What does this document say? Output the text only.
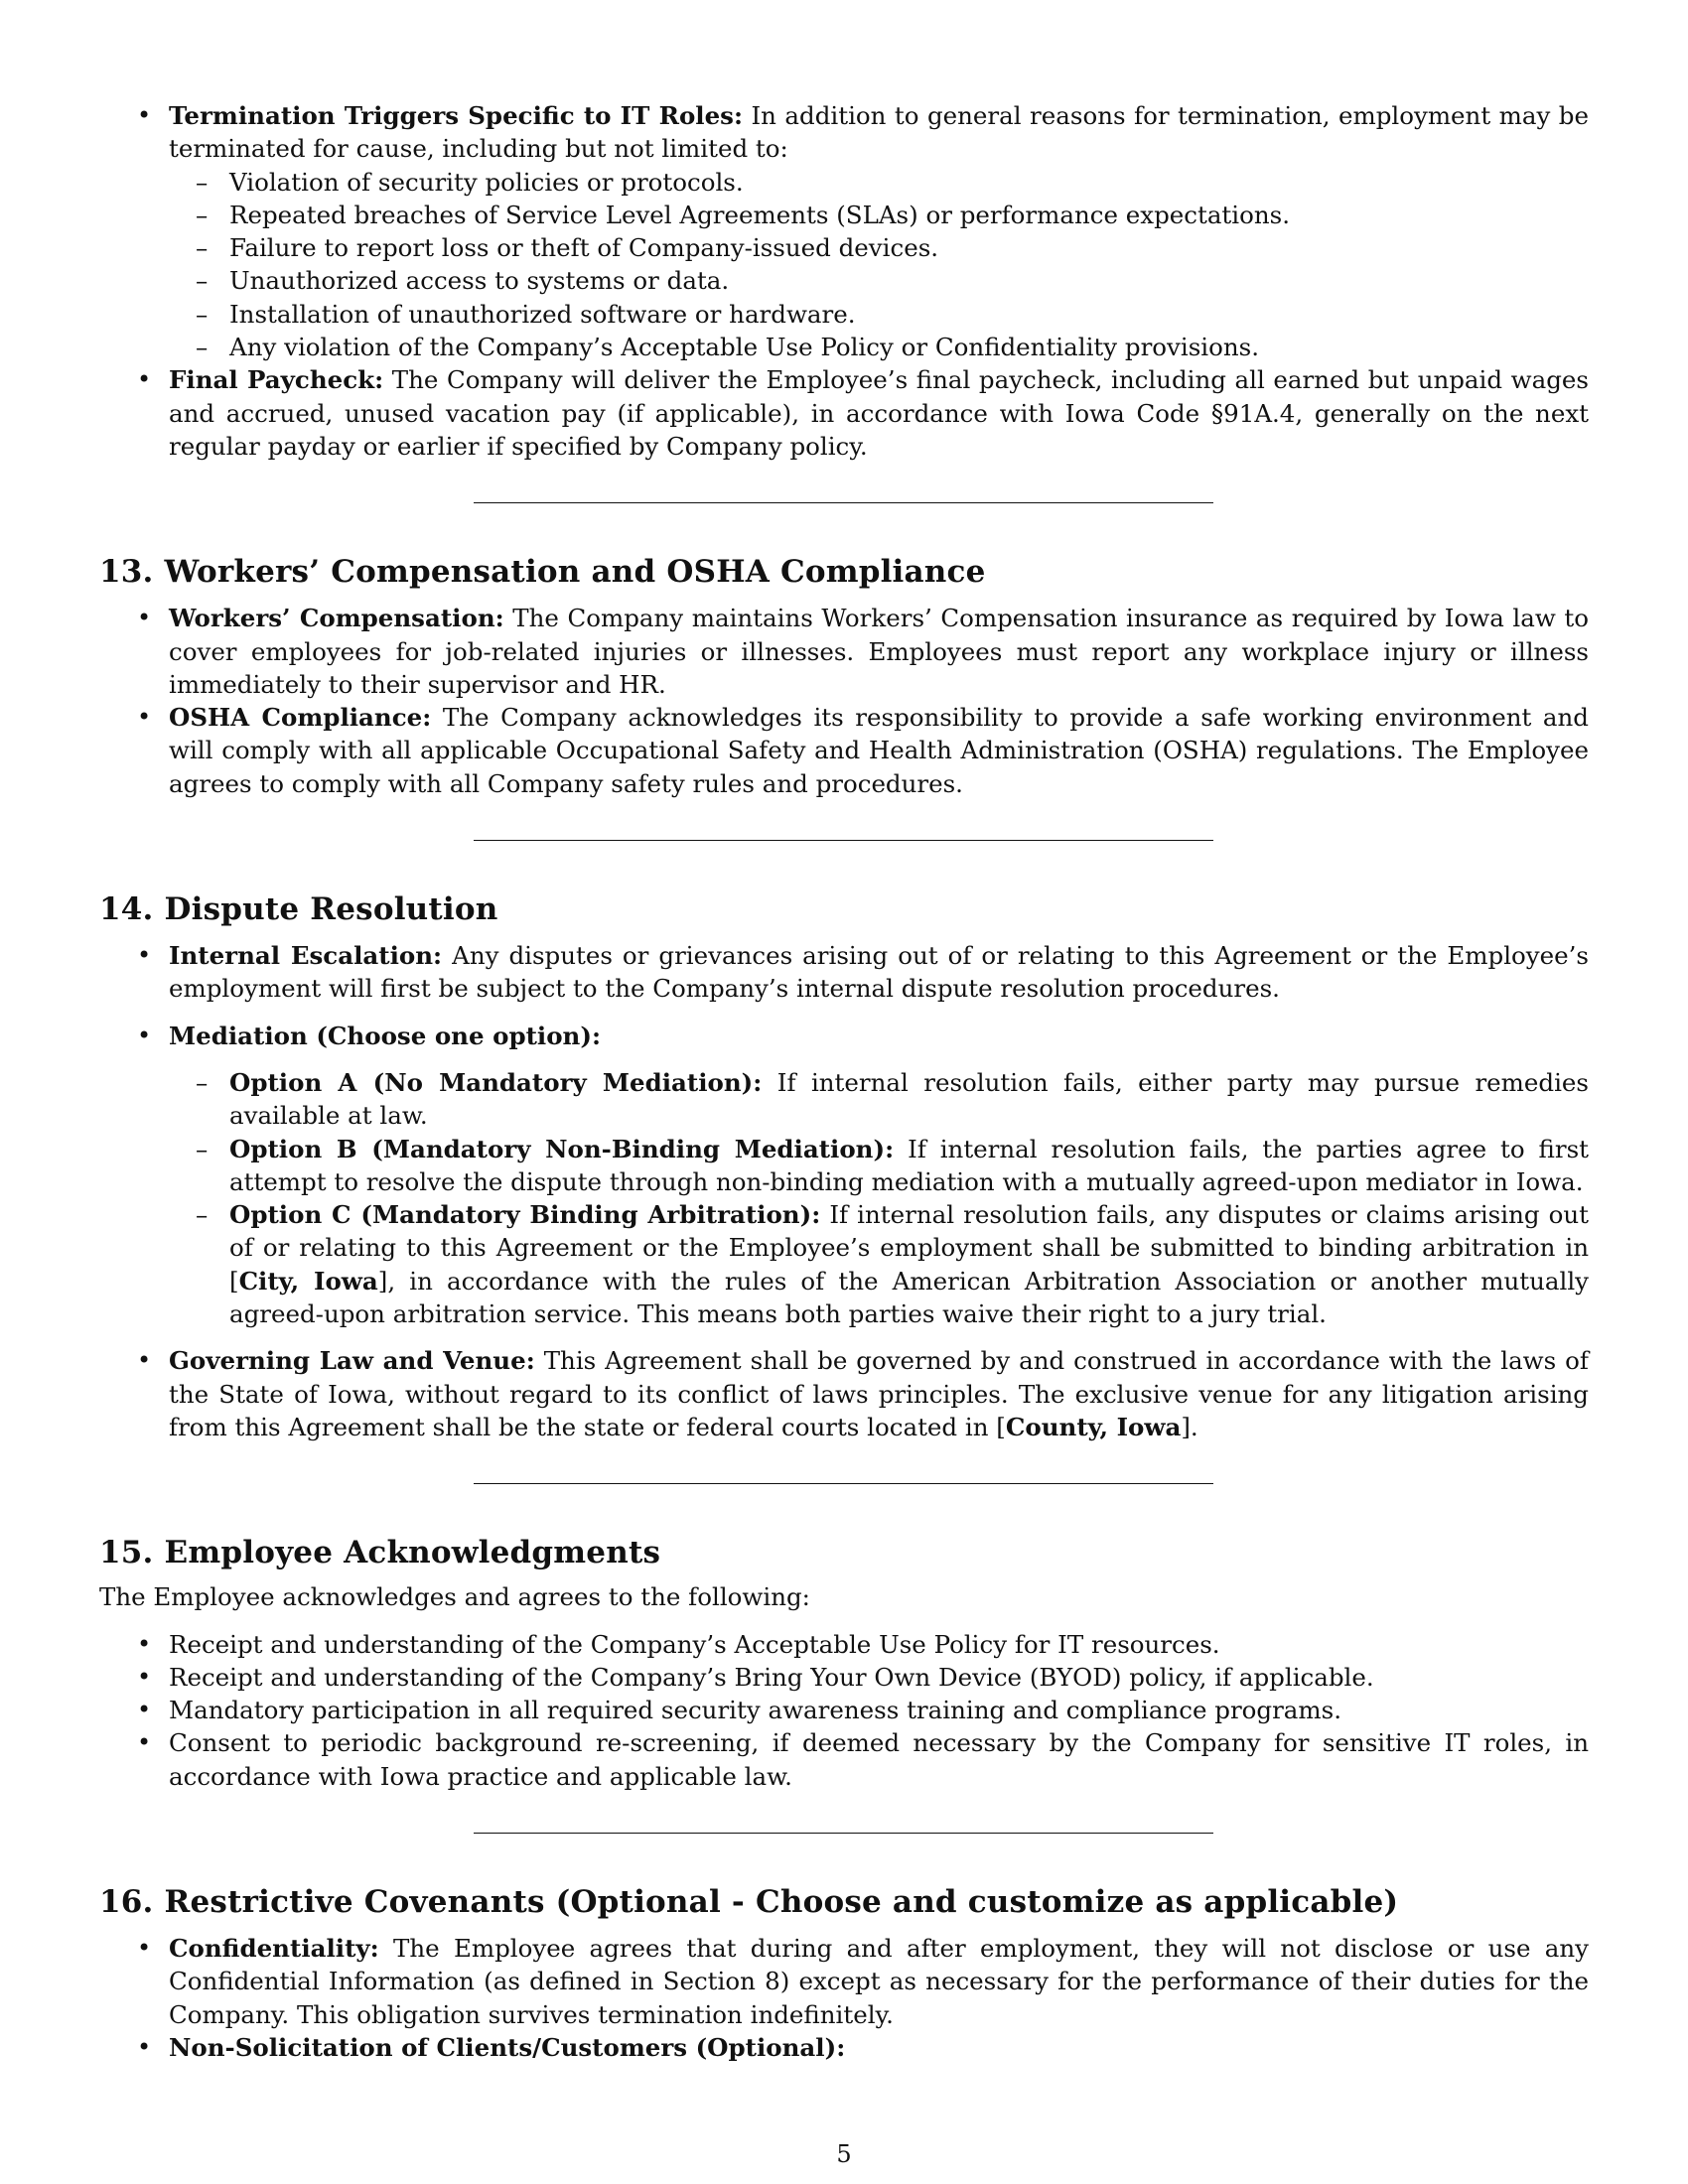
• Termination Triggers Specific to IT Roles: In addition to general reasons for termination, employment may be terminated for cause, including but not limited to:
– Violation of security policies or protocols.
– Repeated breaches of Service Level Agreements (SLAs) or performance expectations.
– Failure to report loss or theft of Company-issued devices.
– Unauthorized access to systems or data.
– Installation of unauthorized software or hardware.
– Any violation of the Company’s Acceptable Use Policy or Confidentiality provisions.
• Final Paycheck: The Company will deliver the Employee’s final paycheck, including all earned but unpaid wages and accrued, unused vacation pay (if applicable), in accordance with Iowa Code §91A.4, generally on the next regular payday or earlier if specified by Company policy.
13. Workers’ Compensation and OSHA Compliance
• Workers’ Compensation: The Company maintains Workers’ Compensation insurance as required by Iowa law to cover employees for job-related injuries or illnesses. Employees must report any workplace injury or illness immediately to their supervisor and HR.
• OSHA Compliance: The Company acknowledges its responsibility to provide a safe working environment and will comply with all applicable Occupational Safety and Health Administration (OSHA) regulations. The Employee agrees to comply with all Company safety rules and procedures.
14. Dispute Resolution
• Internal Escalation: Any disputes or grievances arising out of or relating to this Agreement or the Employee’s employment will first be subject to the Company’s internal dispute resolution procedures.
• Mediation (Choose one option):
– Option A (No Mandatory Mediation): If internal resolution fails, either party may pursue remedies available at law.
– Option B (Mandatory Non-Binding Mediation): If internal resolution fails, the parties agree to first attempt to resolve the dispute through non-binding mediation with a mutually agreed-upon mediator in Iowa.
– Option C (Mandatory Binding Arbitration): If internal resolution fails, any disputes or claims arising out of or relating to this Agreement or the Employee’s employment shall be submitted to binding arbitration in [City, Iowa], in accordance with the rules of the American Arbitration Association or another mutually agreed-upon arbitration service. This means both parties waive their right to a jury trial.
• Governing Law and Venue: This Agreement shall be governed by and construed in accordance with the laws of the State of Iowa, without regard to its conflict of laws principles. The exclusive venue for any litigation arising from this Agreement shall be the state or federal courts located in [County, Iowa].
15. Employee Acknowledgments

The Employee acknowledges and agrees to the following:

• Receipt and understanding of the Company’s Acceptable Use Policy for IT resources.
• Receipt and understanding of the Company’s Bring Your Own Device (BYOD) policy, if applicable.
• Mandatory participation in all required security awareness training and compliance programs.
• Consent to periodic background re-screening, if deemed necessary by the Company for sensitive IT roles, in accordance with Iowa practice and applicable law.
16. Restrictive Covenants (Optional - Choose and customize as applicable)
• Confidentiality: The Employee agrees that during and after employment, they will not disclose or use any Confidential Information (as defined in Section 8) except as necessary for the performance of their duties for the Company. This obligation survives termination indefinitely.
• Non-Solicitation of Clients/Customers (Optional):
5
